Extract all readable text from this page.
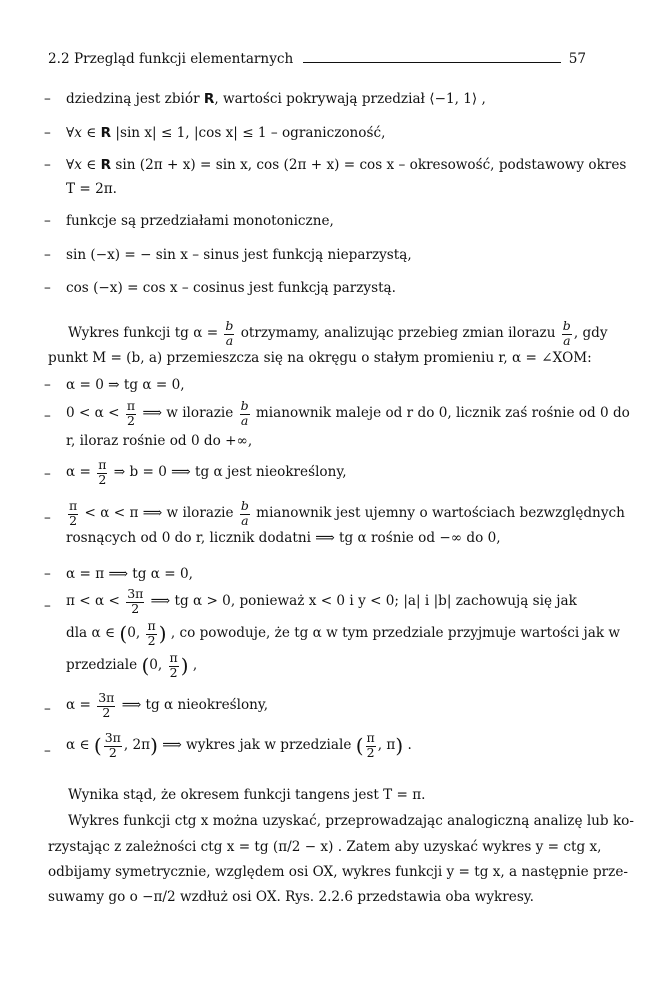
2.2 Przegląd funkcji elementarnych	57
– dziedziną jest zbiór R, wartości pokrywają przedział ⟨−1, 1⟩ ,
– ∀x ∈ R |sin x| ≤ 1, |cos x| ≤ 1 – ograniczoność,
– ∀x ∈ R sin (2π + x) = sin x, cos (2π + x) = cos x – okresowość, podstawowy okres
T = 2π.
– funkcje są przedziałami monotoniczne,
– sin (−x) = − sin x – sinus jest funkcją nieparzystą,
– cos (−x) = cos x – cosinus jest funkcją parzystą.
Wykres funkcji tg $\alpha = \frac{b}{a}$ otrzymamy, analizując przebieg zmian ilorazu $\frac{b}{a}$ , gdy
punkt M = (b, a) przemieszcza się na okręgu o stałym promieniu r, α = ∠XOM:
– α = 0 ⇒ tg α = 0,
– $0 < \alpha < \frac{\pi}{2}$ ⟹ w ilorazie $\frac{b}{a}$ mianownik maleje od r do 0, licznik zaś rośnie od 0 do
r, iloraz rośnie od 0 do +∞,
– $\alpha = \frac{\pi}{2}$ ⇒ b = 0 ⟹ tg α jest nieokreślony,
– $\frac{\pi}{2} < \alpha < \pi$ ⟹ w ilorazie $\frac{b}{a}$ mianownik jest ujemny o wartościach bezwzględnych
rosnących od 0 do r, licznik dodatni ⟹ tg α rośnie od −∞ do 0,
– α = π ⟹ tg α = 0,
– $\pi < \alpha < \frac{3\pi}{2}$ ⟹ tg α > 0, ponieważ x < 0 i y < 0; |a| i |b| zachowują się jak
dla α ∈ (0, $\frac{\pi}{2}$ ) , co powoduje, że tg α w tym przedziale przyjmuje wartości jak w
przedziale (0, $\frac{\pi}{2}$ ) ,
– $\alpha = \frac{3\pi}{2}$ ⟹ tg α nieokreślony,
– α ∈ ( $\frac{3\pi}{2}$ , 2π) ⟹ wykres jak w przedziale ( $\frac{\pi}{2}$ , π) .
Wynika stąd, że okresem funkcji tangens jest T = π.
Wykres funkcji ctg x można uzyskać, przeprowadzając analogiczną analizę lub ko-
rzystając z zależności ctg x = tg (π/2 − x) . Zatem aby uzyskać wykres y = ctg x,
odbijamy symetrycznie, względem osi OX, wykres funkcji y = tg x, a następnie prze-
suwamy go o −π/2 wzdłuż osi OX. Rys. 2.2.6 przedstawia oba wykresy.
